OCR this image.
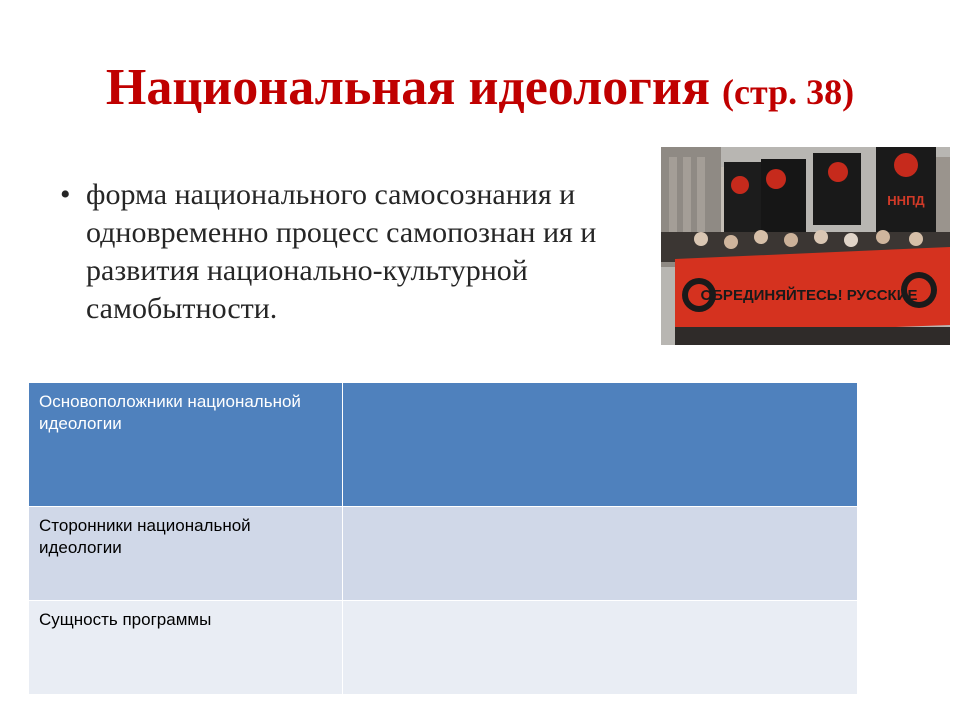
Национальная идеология (стр. 38)
• форма национального самосознания и одновременно процесс самопознан ия и развития национально-культурной самобытности.
ННПД
ОБРЕДИНЯЙТЕСЬ! РУССКИЕ
Основоположники национальной идеологии	
Сторонники национальной идеологии	
Сущность программы	
